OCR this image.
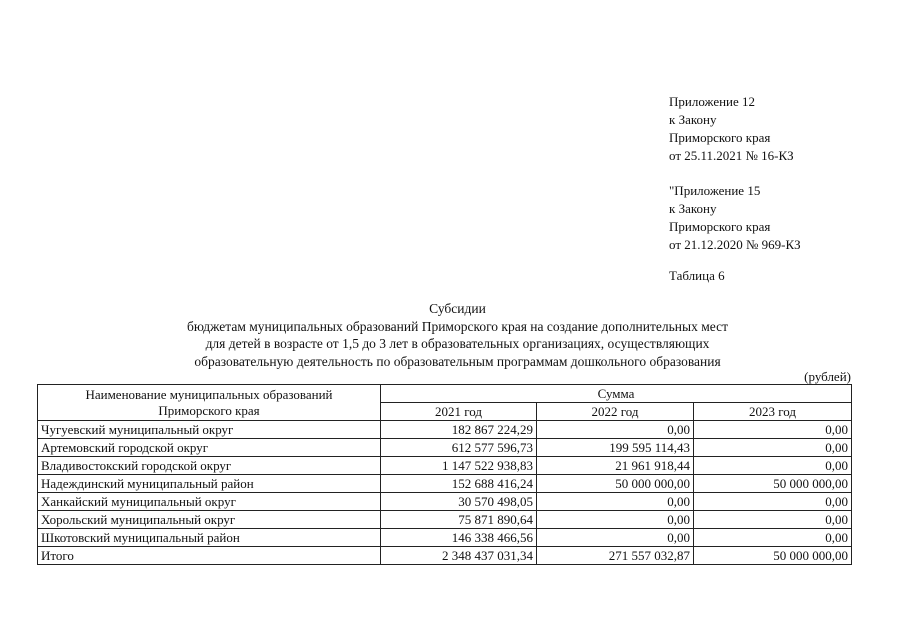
Приложение 12
к Закону
Приморского края
от 25.11.2021 № 16-КЗ
"Приложение 15
к Закону
Приморского края
от 21.12.2020 № 969-КЗ
Таблица 6
Субсидии
бюджетам муниципальных образований Приморского края на создание дополнительных мест
для детей в возрасте от 1,5 до 3 лет в образовательных организациях, осуществляющих
образовательную деятельность по образовательным программам дошкольного образования
(рублей)
Наименование муниципальных образований
Приморского края	Сумма		
	2021 год	2022 год	2023 год
Чугуевский муниципальный округ	182 867 224,29	0,00	0,00
Артемовский городской округ	612 577 596,73	199 595 114,43	0,00
Владивостокский городской округ	1 147 522 938,83	21 961 918,44	0,00
Надеждинский муниципальный район	152 688 416,24	50 000 000,00	50 000 000,00
Ханкайский муниципальный округ	30 570 498,05	0,00	0,00
Хорольский муниципальный округ	75 871 890,64	0,00	0,00
Шкотовский муниципальный район	146 338 466,56	0,00	0,00
Итого	2 348 437 031,34	271 557 032,87	50 000 000,00
